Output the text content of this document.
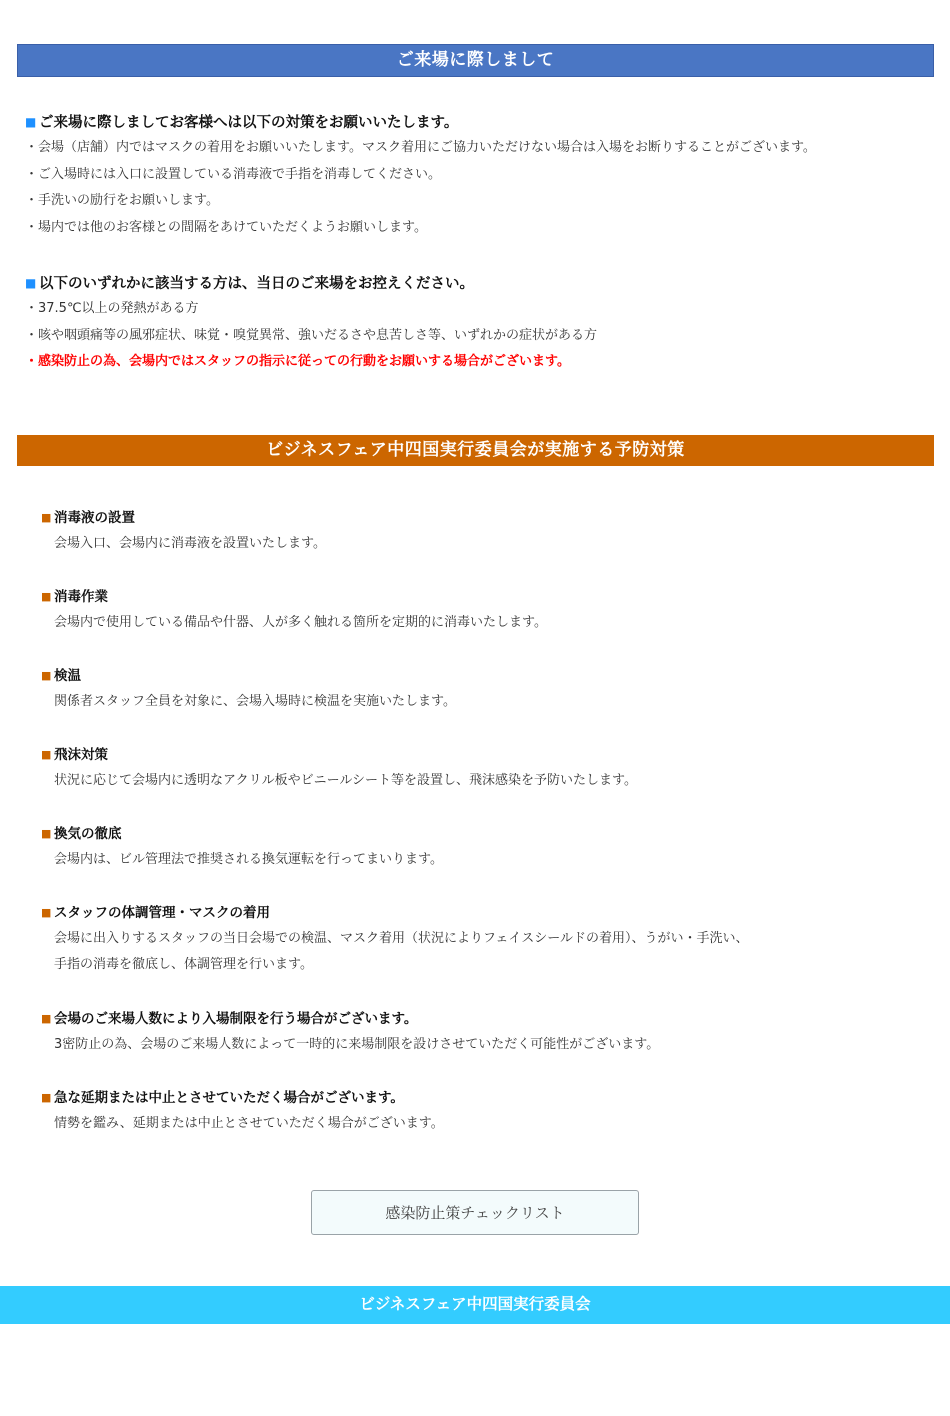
ご来場に際しまして
■ ご来場に際しましてお客様へは以下の対策をお願いいたします。
・会場（店舗）内ではマスクの着用をお願いいたします。マスク着用にご協力いただけない場合は入場をお断りすることがございます。
・ご入場時には入口に設置している消毒液で手指を消毒してください。
・手洗いの励行をお願いします。
・場内では他のお客様との間隔をあけていただくようお願いします。
■ 以下のいずれかに該当する方は、当日のご来場をお控えください。
・37.5℃以上の発熱がある方
・咳や咽頭痛等の風邪症状、味覚・嗅覚異常、強いだるさや息苦しさ等、いずれかの症状がある方
・感染防止の為、会場内ではスタッフの指示に従っての行動をお願いする場合がございます。
ビジネスフェア中四国実行委員会が実施する予防対策
■ 消毒液の設置
会場入口、会場内に消毒液を設置いたします。
■ 消毒作業
会場内で使用している備品や什器、人が多く触れる箇所を定期的に消毒いたします。
■ 検温
関係者スタッフ全員を対象に、会場入場時に検温を実施いたします。
■ 飛沫対策
状況に応じて会場内に透明なアクリル板やビニールシート等を設置し、飛沫感染を予防いたします。
■ 換気の徹底
会場内は、ビル管理法で推奨される換気運転を行ってまいります。
■ スタッフの体調管理・マスクの着用
会場に出入りするスタッフの当日会場での検温、マスク着用（状況によりフェイスシールドの着用）、うがい・手洗い、
手指の消毒を徹底し、体調管理を行います。
■ 会場のご来場人数により入場制限を行う場合がございます。
3密防止の為、会場のご来場人数によって一時的に来場制限を設けさせていただく可能性がございます。
■ 急な延期または中止とさせていただく場合がございます。
情勢を鑑み、延期または中止とさせていただく場合がございます。
感染防止策チェックリスト
ビジネスフェア中四国実行委員会
